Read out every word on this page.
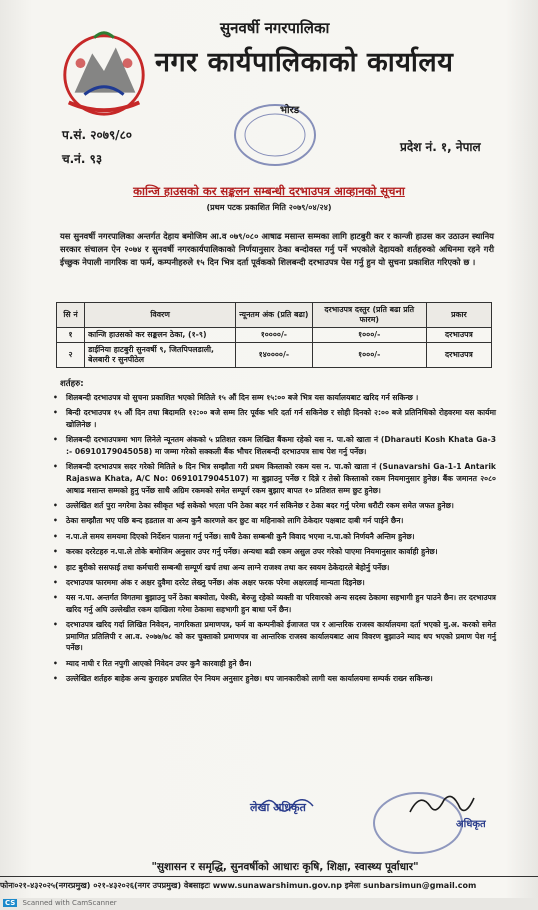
सुनवर्षी नगरपालिका
नगर कार्यपालिकाको कार्यालय
भोरड
प.सं. २०७९/८०
च.नं. ९३
प्रदेश नं. १, नेपाल
कान्जि हाउसको कर सङ्कलन सम्बन्धी दरभाउपत्र आव्हानको सूचना
(प्रथम पटक प्रकाशित मिति २०७९/०४/२४)
यस सुनवर्षी नगरपालिका अन्तर्गत देहाय बमोजिम आ.व ०७९/०८० आषाढ मसान्त सम्मका लागि हाटबुरी कर र कान्जी हाउस कर उठाउन स्थानिय सरकार संचालन ऐन २०७४ र सुनवर्षी नगरकार्यपालिकाको निर्णयानुसार ठेका बन्दोवस्त गर्नु पर्ने भएकोले देहायको शर्तहरुको अधिनमा रहने गरी ईच्छुक नेपाली नागरिक वा फर्म, कम्पनीहरुले १५ दिन भित्र दर्ता पूर्वकको शिलबन्दी दरभाउपत्र पेस गर्नु हुन यो सुचना प्रकाशित गरिएको छ ।
सि नं	विवरण	न्यूनतम अंक (प्रति बढा)	दरभाउपत्र दस्तुर (प्रति बढा प्रति फारम)	प्रकार
१	कान्जि हाउसको कर सङ्कलन ठेका, (१-९)	१००००/-	१०००/-	दरभाउपत्र
२	डाईनिया हाटबुरी सुनवर्षी ९, जितपिपलडाली, बेलबारी र सुनपीठेल	१४००००/-	१०००/-	दरभाउपत्र
शर्तहरु:
• शिलबन्दी दरभाउपत्र यो सुचना प्रकाशित भएको मितिले १५ औं दिन सम्म १५:०० बजे भित्र यस कार्यालयबाट खरिद गर्न सकिन्छ ।
• बिन्दी दरभाउपत्र १५ औं दिन तथा बिदामति १२:०० बजे सम्म तिर पूर्वक भरि दर्ता गर्न सकिनेछ र सोही दिनको २:०० बजे प्रतिनिधिको रोहवरमा यस कार्यमा खोलिनेछ ।
• शिलबन्दी दरभाउपत्रमा भाग लिनेले न्यूनतम अंकको ५ प्रतिशत रकम लिखित बैंकमा रहेको यस न. पा.को खाता नं (Dharauti Kosh Khata Ga-3 :- 06910179045058) मा जम्मा गरेको सक्कली बैंक भौचर शिलबन्दी दरभाउपत्र साथ पेश गर्नु पर्नेछ।
• शिलबन्दी दरभाउपत्र सदर गरेको मितिले ७ दिन भित्र सम्झौता गरी प्रथम किस्ताको रकम यस न. पा.को खाता नं (Sunavarshi Ga-1-1 Antarik Rajaswa Khata, A/C No: 06910179045107) मा बुझाउनु पर्नेछ र दिन्ने र तेस्रो किस्ताको रकम नियमानुसार हुनेछ। बैंक जमानत २०८० आषाढ मसान्त सम्मको हुनु पर्नेछ साथै अग्रिम रकमको समेत सम्पूर्ण रकम बुझाए बापत १० प्रतिशत सम्म छुट हुनेछ।
• उल्लेखित शर्त पुरा नगरेमा ठेका स्वीकृत भई सकेको भएता पनि ठेका बदर गर्न सकिनेछ र ठेका बदर गर्नु परेमा धरौटी रकम समेत जफत हुनेछ।
• ठेका सम्झौता भए पछि बन्द हडताल वा अन्य कुनै कारणले कर छुट वा महिनाको लागि ठेकेदार पक्षबाट दाबी गर्न पाईने छैन।
• न.पा.ले समय समयमा दिएको निर्देशन पालना गर्नु पर्नेछ। साथै ठेका सम्बन्धी कुनै विवाद भएमा न.पा.को निर्णयनै अन्तिम हुनेछ।
• करका दररेटहरु न.पा.ले तोके बमोजिम अनुसार उपर गर्नु पर्नेछ। अन्यथा बढी रकम असुल उपर गरेको पाएमा नियमानुसार कार्वाही हुनेछ।
• हाट बुरीको ससफाई तथा कर्मचारी सम्बन्धी सम्पूर्ण खर्च तथा अन्य लाग्ने राजश्व तथा कर स्वयम ठेकेदारले बेहोर्नु पर्नेछ।
• दरभाउपत्र फारममा अंक र अक्षर दुवैमा दररेट लेख्नु पर्नेछ। अंक अक्षर फरक परेमा अक्षरलाई मान्यता दिइनेछ।
• यस न.पा. अन्तर्गत विगतमा बुझाउनु पर्ने ठेका बक्योता, पेश्की, बेरुजु रहेको व्यक्ती वा परिवारको अन्य सदस्य ठेकामा सहभागी हुन पाउने छैन। तर दरभाउपत्र खरिद गर्नु अघि उल्लेखीत रकम दाखिला गरेमा ठेकामा सहभागी हुन बाधा पर्ने छैन।
• दरभाउपत्र खरिद गर्दा लिखित निवेदन, नागरिकता प्रमाणपत्र, फर्म वा कम्पनीको ईजाजत पत्र र आन्तरिक राजस्व कार्यालयमा दर्ता भएको मु.अ. करको समेत प्रमाणित प्रतिलिपी र आ.व. २०७७/७८ को कर चुक्ताको प्रमाणपत्र वा आन्तरिक राजस्व कार्यालयबाट आय विवरण बुझाउने म्याद थप भएको प्रमाण पेश गर्नु पर्नेछ।
• म्याद नाघी र रित नपुगी आएको निवेदन उपर कुनै कारवाही हुने छैन।
• उल्लेखित शर्तहरु बाहेक अन्य कुराहरु प्रचलित ऐन नियम अनुसार हुनेछ। थप जानकारीको लागी यस कार्यालयमा सम्पर्क राख्न सकिन्छ।
लेखा अधिकृत
अधिकृत
"सुशासन र समृद्धि, सुनवर्षीको आधारः कृषि, शिक्षा, स्वास्थ्य पूर्वाधार"
फोनः०२१-४३२०२५(नगरप्रमुख) ०२१-४३२०२६(नगर उपप्रमुख) वेबसाइटः www.sunawarshimun.gov.np इमेलः sunbarsimun@gmail.com
CS Scanned with CamScanner
